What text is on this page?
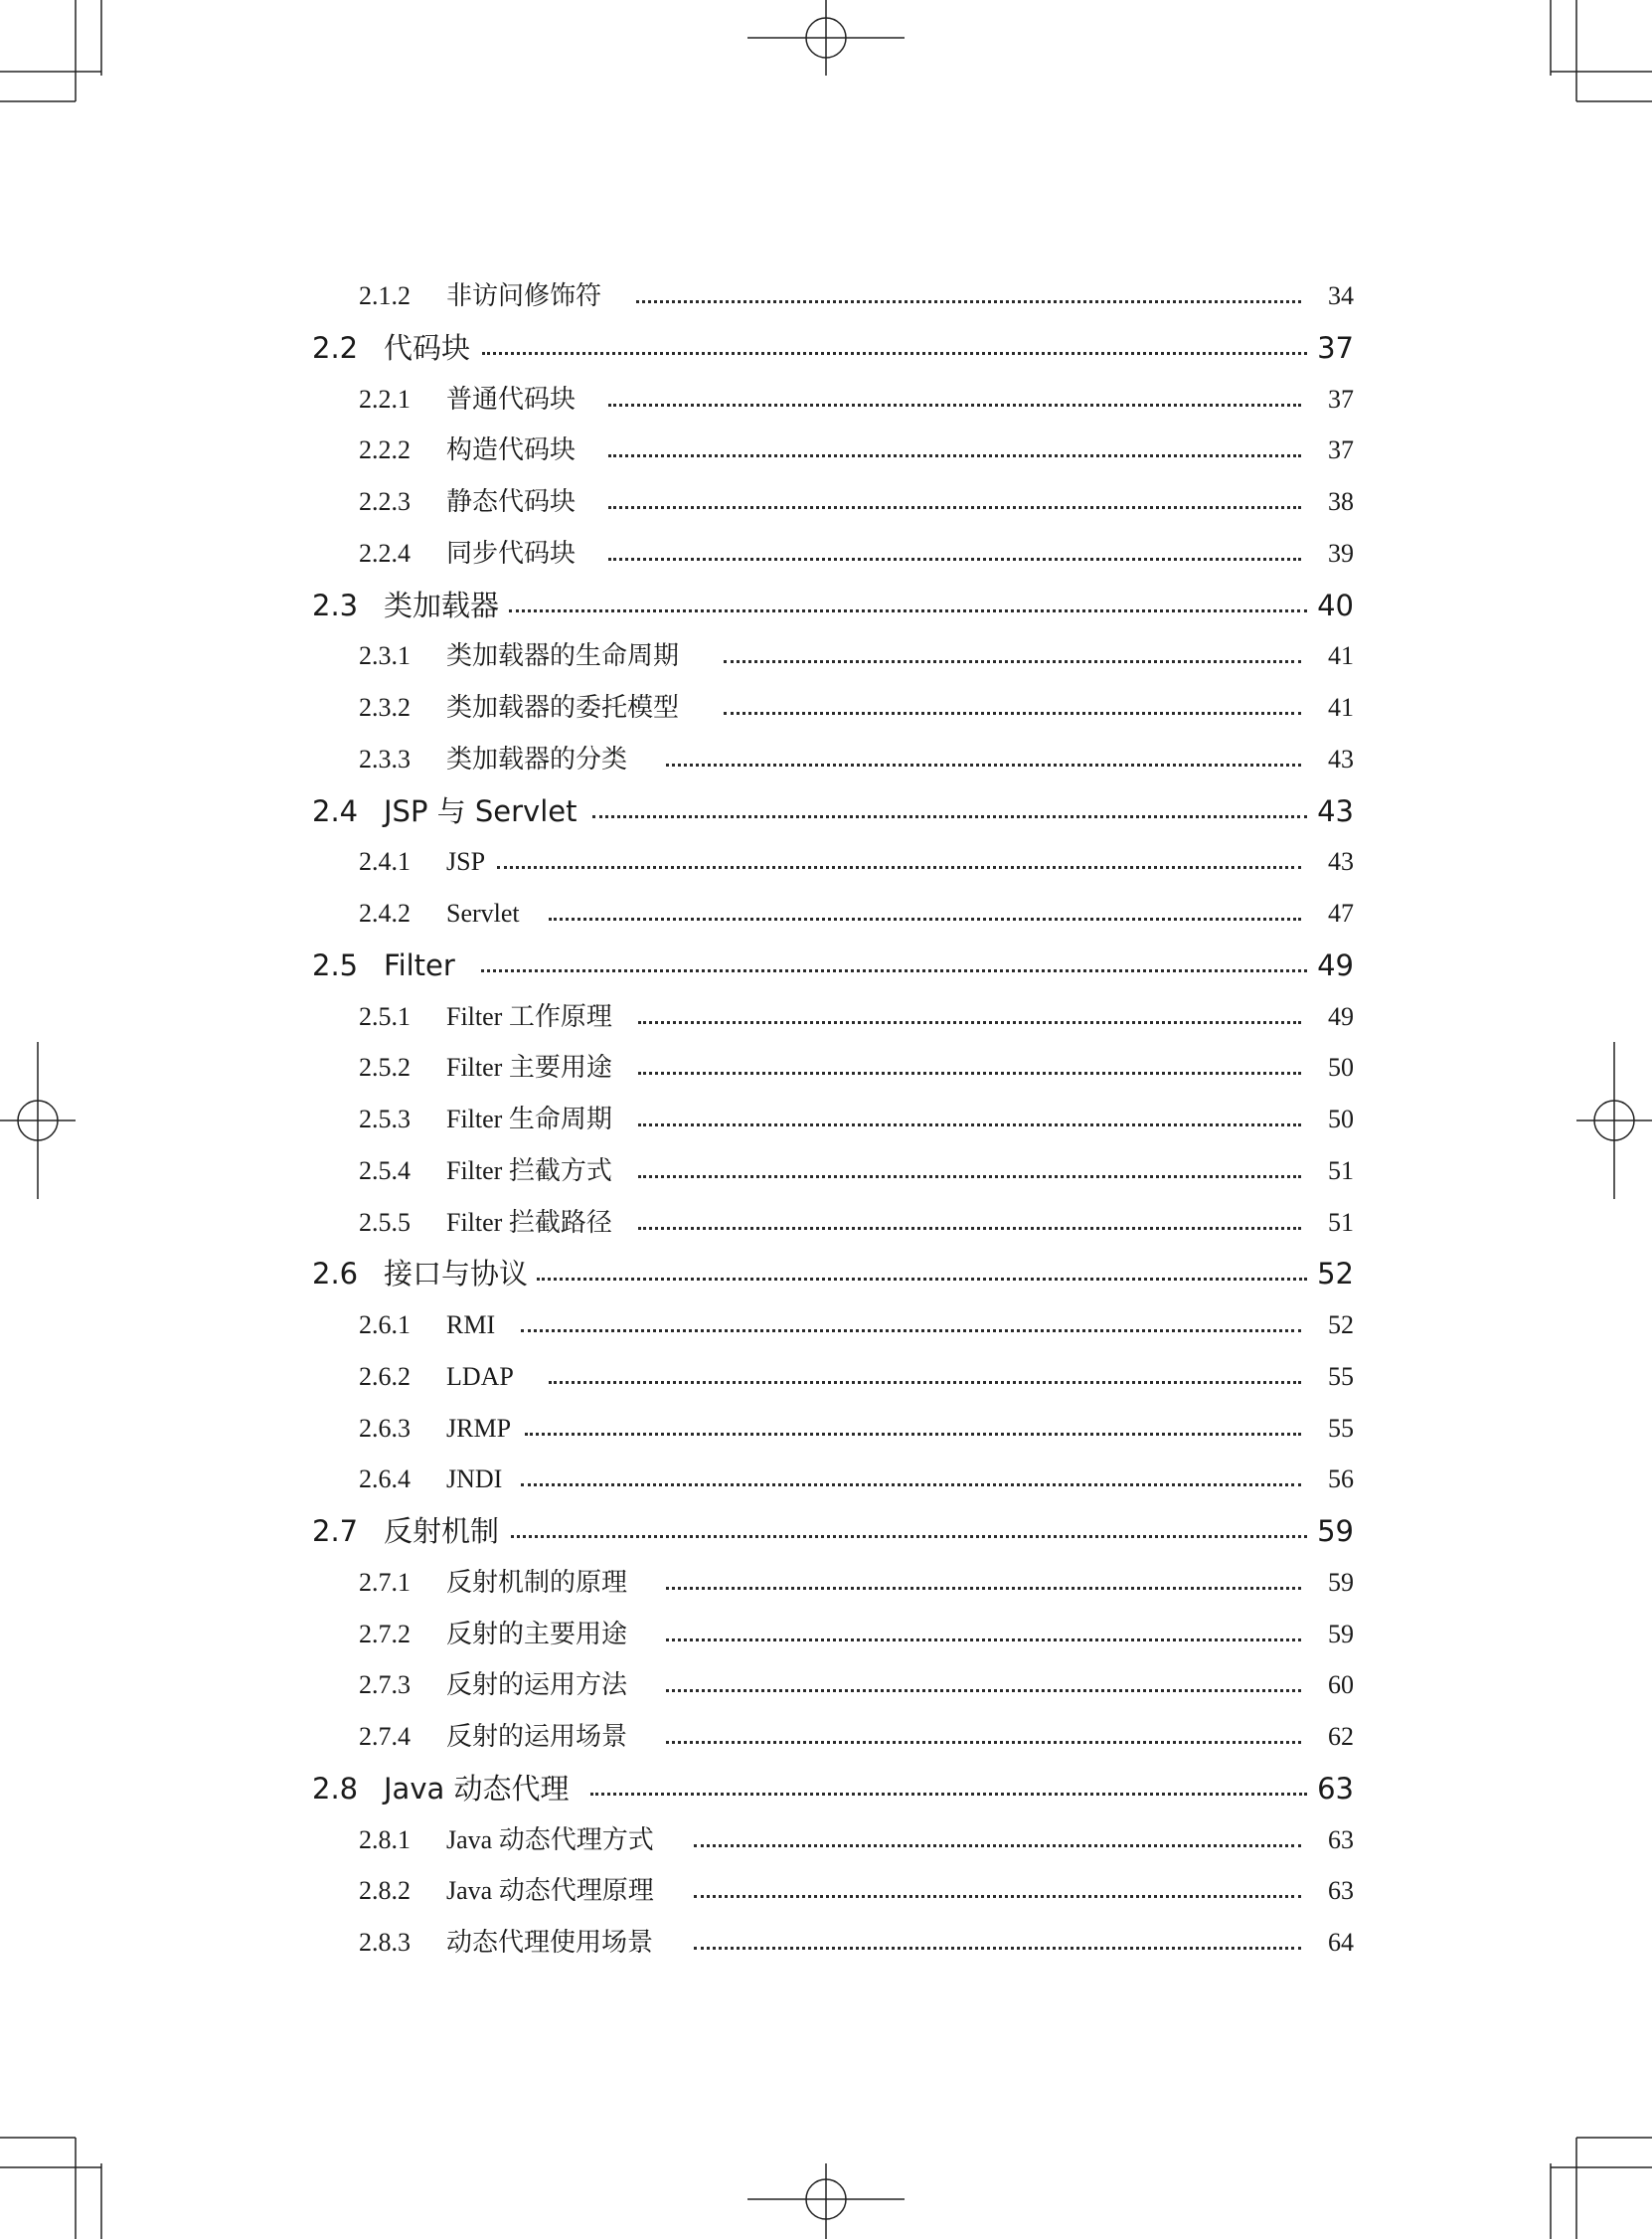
2.1.2 非访问修饰符	34
2.2 代码块	37
2.2.1 普通代码块	37
2.2.2 构造代码块	37
2.2.3 静态代码块	38
2.2.4 同步代码块	39
2.3 类加载器	40
2.3.1 类加载器的生命周期	41
2.3.2 类加载器的委托模型	41
2.3.3 类加载器的分类	43
2.4 JSP 与 Servlet	43
2.4.1 JSP	43
2.4.2 Servlet	47
2.5 Filter	49
2.5.1 Filter 工作原理	49
2.5.2 Filter 主要用途	50
2.5.3 Filter 生命周期	50
2.5.4 Filter 拦截方式	51
2.5.5 Filter 拦截路径	51
2.6 接口与协议	52
2.6.1 RMI	52
2.6.2 LDAP	55
2.6.3 JRMP	55
2.6.4 JNDI	56
2.7 反射机制	59
2.7.1 反射机制的原理	59
2.7.2 反射的主要用途	59
2.7.3 反射的运用方法	60
2.7.4 反射的运用场景	62
2.8 Java 动态代理	63
2.8.1 Java 动态代理方式	63
2.8.2 Java 动态代理原理	63
2.8.3 动态代理使用场景	64
